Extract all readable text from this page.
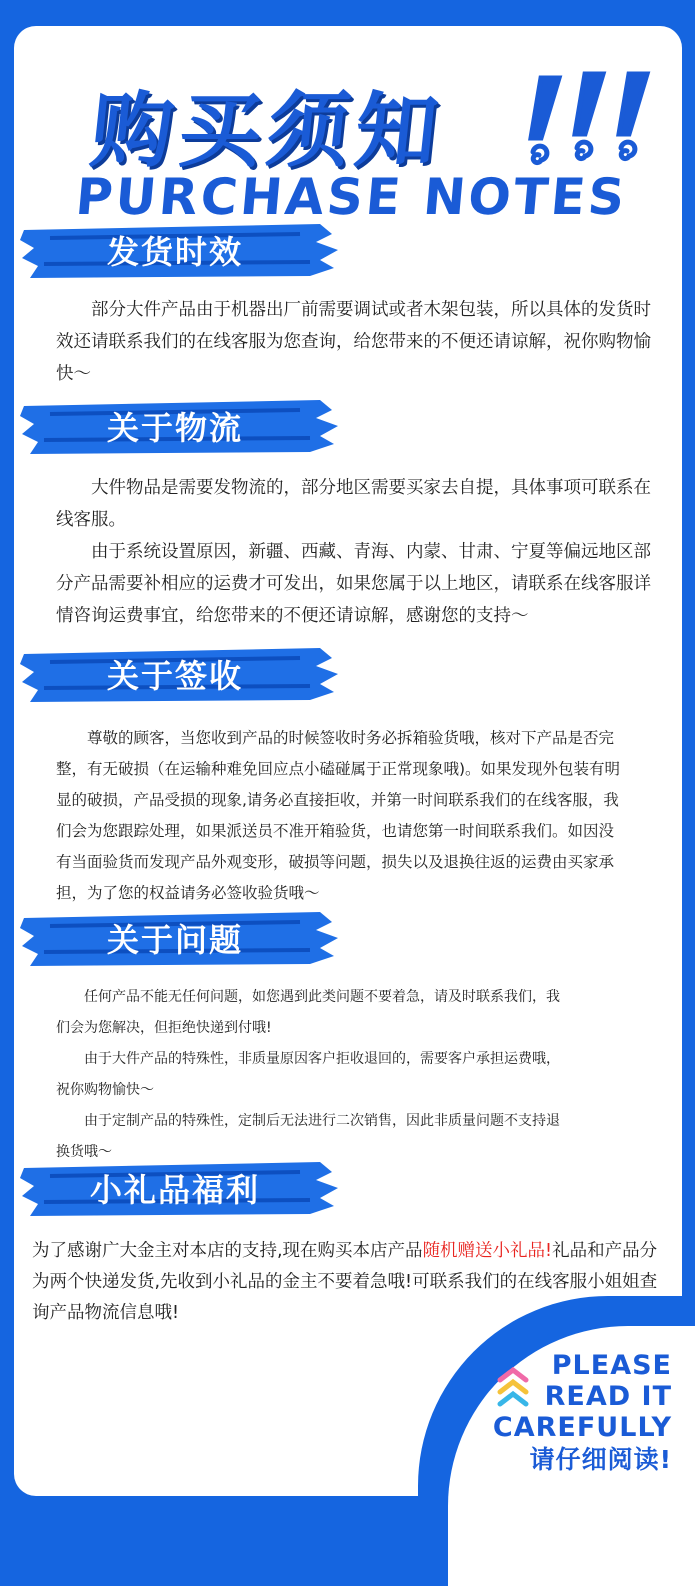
购买须知
PURCHASE NOTES
发货时效

部分大件产品由于机器出厂前需要调试或者木架包装，所以具体的发货时效还请联系我们的在线客服为您查询，给您带来的不便还请谅解，祝你购物愉快～

关于物流

大件物品是需要发物流的，部分地区需要买家去自提，具体事项可联系在线客服。

由于系统设置原因，新疆、西藏、青海、内蒙、甘肃、宁夏等偏远地区部分产品需要补相应的运费才可发出，如果您属于以上地区，请联系在线客服详情咨询运费事宜，给您带来的不便还请谅解，感谢您的支持～

关于签收

尊敬的顾客，当您收到产品的时候签收时务必拆箱验货哦，核对下产品是否完整，有无破损（在运输种难免回应点小磕碰属于正常现象哦)。如果发现外包装有明显的破损，产品受损的现象,请务必直接拒收，并第一时间联系我们的在线客服，我们会为您跟踪处理，如果派送员不准开箱验货，也请您第一时间联系我们。如因没有当面验货而发现产品外观变形，破损等问题，损失以及退换往返的运费由买家承担，为了您的权益请务必签收验货哦～

关于问题

任何产品不能无任何问题，如您遇到此类问题不要着急，请及时联系我们，我们会为您解决，但拒绝快递到付哦!

由于大件产品的特殊性，非质量原因客户拒收退回的，需要客户承担运费哦，祝你购物愉快～

由于定制产品的特殊性，定制后无法进行二次销售，因此非质量问题不支持退换货哦～

小礼品福利

为了感谢广大金主对本店的支持,现在购买本店产品随机赠送小礼品!礼品和产品分为两个快递发货,先收到小礼品的金主不要着急哦!可联系我们的在线客服小姐姐查询产品物流信息哦!

PLEASE
READ IT
CAREFULLY
请仔细阅读!
